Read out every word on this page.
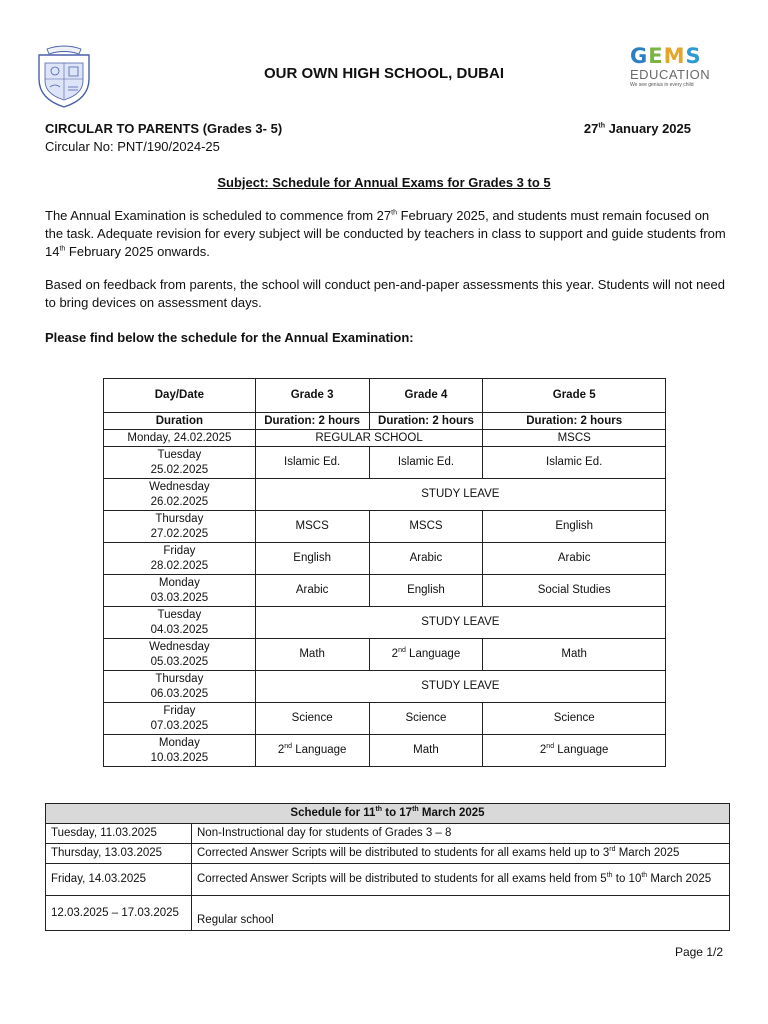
OUR OWN HIGH SCHOOL, DUBAI
GEMS
EDUCATION
We see genius in every child
CIRCULAR TO PARENTS (Grades 3- 5)
Circular No: PNT/190/2024-25
27th January 2025
Subject: Schedule for Annual Exams for Grades 3 to 5
The Annual Examination is scheduled to commence from 27th February 2025, and students must remain focused on the task. Adequate revision for every subject will be conducted by teachers in class to support and guide students from 14th February 2025 onwards.
Based on feedback from parents, the school will conduct pen-and-paper assessments this year. Students will not need to bring devices on assessment days.
Please find below the schedule for the Annual Examination:
Day/Date	Grade 3	Grade 4	Grade 5
Duration	Duration: 2 hours	Duration: 2 hours	Duration: 2 hours
Monday, 24.02.2025	REGULAR SCHOOL		MSCS
Tuesday
25.02.2025	Islamic Ed.	Islamic Ed.	Islamic Ed.
Wednesday
26.02.2025	STUDY LEAVE		
Thursday
27.02.2025	MSCS	MSCS	English
Friday
28.02.2025	English	Arabic	Arabic
Monday
03.03.2025	Arabic	English	Social Studies
Tuesday
04.03.2025	STUDY LEAVE		
Wednesday
05.03.2025	Math	2nd Language	Math
Thursday
06.03.2025	STUDY LEAVE		
Friday
07.03.2025	Science	Science	Science
Monday
10.03.2025	2nd Language	Math	2nd Language
Schedule for 11th to 17th March 2025	
Tuesday, 11.03.2025	Non-Instructional day for students of Grades 3 – 8
Thursday, 13.03.2025	Corrected Answer Scripts will be distributed to students for all exams held up to 3rd March 2025
Friday, 14.03.2025	Corrected Answer Scripts will be distributed to students for all exams held from 5th to 10th March 2025
12.03.2025 – 17.03.2025	Regular school
Page 1/2
